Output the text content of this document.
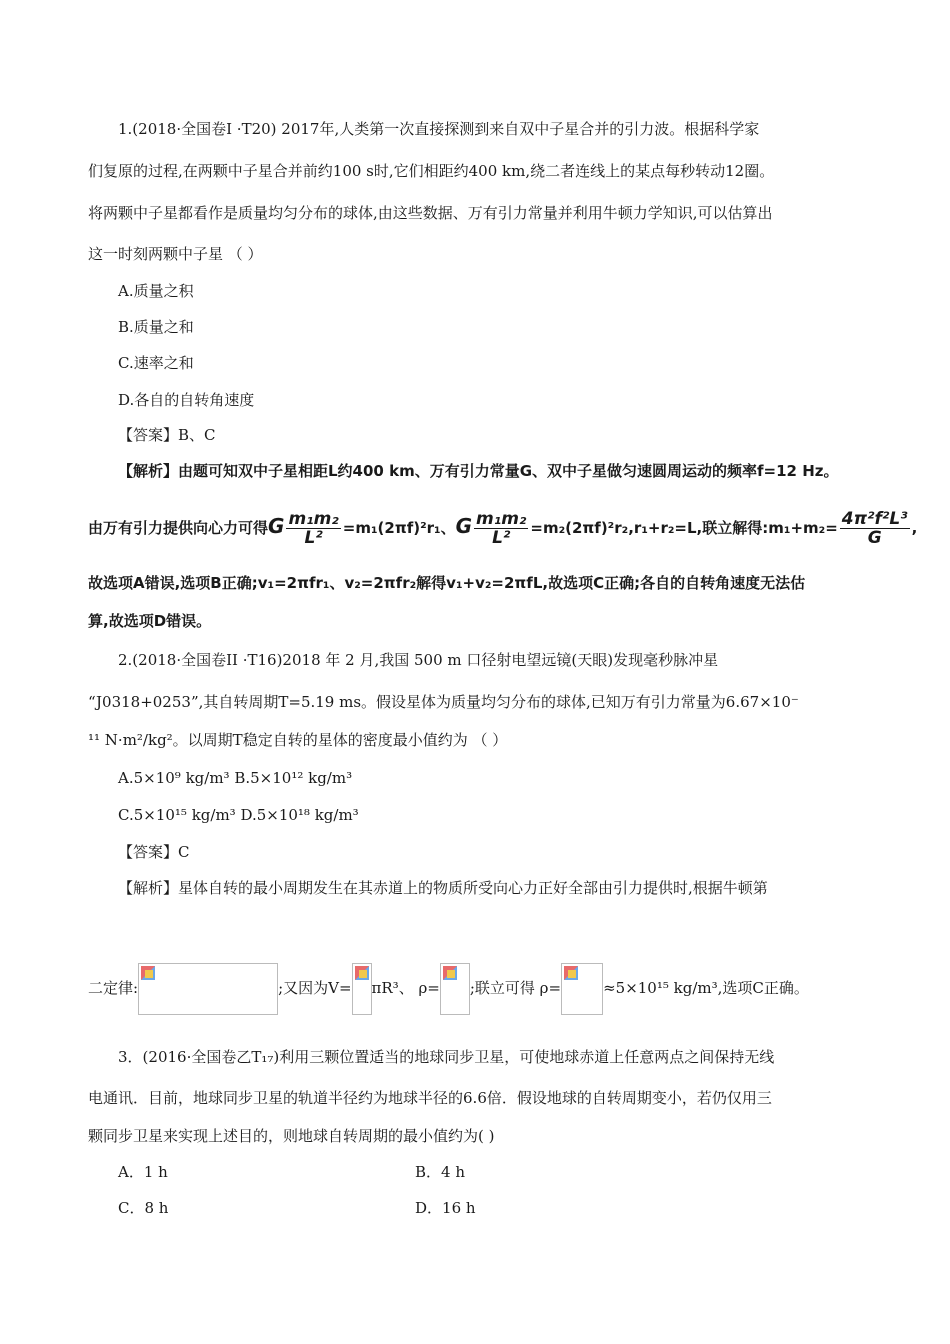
1.(2018·全国卷Ⅰ ·T20) 2017年,人类第一次直接探测到来自双中子星合并的引力波。根据科学家
们复原的过程,在两颗中子星合并前约100 s时,它们相距约400 km,绕二者连线上的某点每秒转动12圈。
将两颗中子星都看作是质量均匀分布的球体,由这些数据、万有引力常量并利用牛顿力学知识,可以估算出
这一时刻两颗中子星 （ ）
A.质量之积
B.质量之和
C.速率之和
D.各自的自转角速度
【答案】B、C
【解析】由题可知双中子星相距L约400 km、万有引力常量G、双中子星做匀速圆周运动的频率f=12 Hz。
由万有引力提供向心力可得G $\frac{\text{m₁m₂}}{\text{L²}} =m_1(2\pi f)^2r_1$、G $\frac{\text{m₁m₂}}{\text{L²}} =m_2(2\pi f)^2r_2,r_1+r_2=L$,联立解得:m₁+m₂= $\frac{\text{4π²f²L³}}{G}$ ,
故选项A错误,选项B正确;v₁=2πfr₁、v₂=2πfr₂解得v₁+v₂=2πfL,故选项C正确;各自的自转角速度无法估
算,故选项D错误。
2.(2018·全国卷II ·T16)2018 年 2 月,我国 500 m 口径射电望远镜(天眼)发现毫秒脉冲星
“J0318+0253”,其自转周期T=5.19 ms。假设星体为质量均匀分布的球体,已知万有引力常量为6.67×10⁻
¹¹ N·m²/kg²。以周期T稳定自转的星体的密度最小值约为 （ ）
A.5×10⁹ kg/m³ B.5×10¹² kg/m³
C.5×10¹⁵ kg/m³ D.5×10¹⁸ kg/m³
【答案】C
【解析】星体自转的最小周期发生在其赤道上的物质所受向心力正好全部由引力提供时,根据牛顿第
二定律:	;又因为V= πR³、 ρ= ;联立可得 ρ=	≈5×10¹⁵ kg/m³,选项C正确。
3．(2016·全国卷乙T₁₇)利用三颗位置适当的地球同步卫星，可使地球赤道上任意两点之间保持无线
电通讯．目前，地球同步卫星的轨道半径约为地球半径的6.6倍．假设地球的自转周期变小，若仍仅用三
颗同步卫星来实现上述目的，则地球自转周期的最小值约为( )
A．1 h	B．4 h
C．8 h	D．16 h
